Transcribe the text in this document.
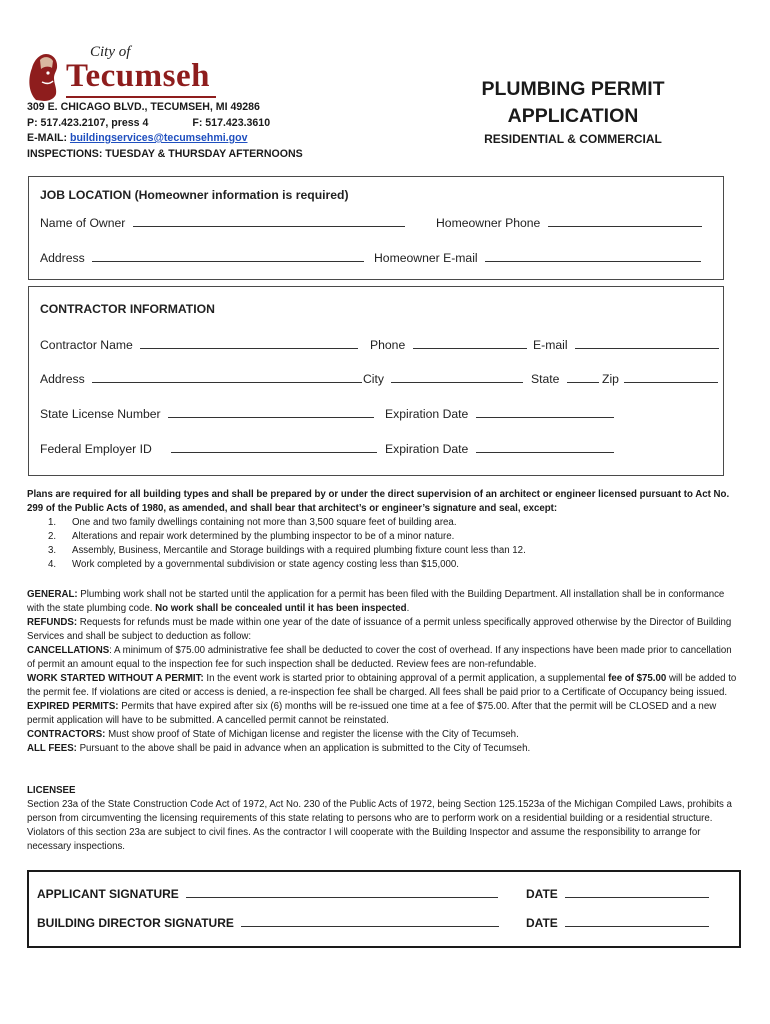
City of
Tecumseh
309 E. CHICAGO BLVD., TECUMSEH, MI 49286
P: 517.423.2107, press 4	F: 517.423.3610
E-MAIL: buildingservices@tecumsehmi.gov
INSPECTIONS: TUESDAY & THURSDAY AFTERNOONS
PLUMBING PERMIT
APPLICATION
RESIDENTIAL & COMMERCIAL
JOB LOCATION (Homeowner information is required)
Name of Owner	Homeowner Phone
Address	Homeowner E-mail
CONTRACTOR INFORMATION
Contractor Name	Phone	E-mail
Address	City	State	Zip
State License Number	Expiration Date
Federal Employer ID	Expiration Date
Plans are required for all building types and shall be prepared by or under the direct supervision of an architect or engineer licensed pursuant to Act No. 299 of the Public Acts of 1980, as amended, and shall bear that architect’s or engineer’s signature and seal, except:
1. One and two family dwellings containing not more than 3,500 square feet of building area.
2. Alterations and repair work determined by the plumbing inspector to be of a minor nature.
3. Assembly, Business, Mercantile and Storage buildings with a required plumbing fixture count less than 12.
4. Work completed by a governmental subdivision or state agency costing less than $15,000.
GENERAL: Plumbing work shall not be started until the application for a permit has been filed with the Building Department. All installation shall be in conformance with the state plumbing code. No work shall be concealed until it has been inspected.
REFUNDS: Requests for refunds must be made within one year of the date of issuance of a permit unless specifically approved otherwise by the Director of Building Services and shall be subject to deduction as follow:
CANCELLATIONS: A minimum of $75.00 administrative fee shall be deducted to cover the cost of overhead. If any inspections have been made prior to cancellation of permit an amount equal to the inspection fee for such inspection shall be deducted. Review fees are non-refundable.
WORK STARTED WITHOUT A PERMIT: In the event work is started prior to obtaining approval of a permit application, a supplemental fee of $75.00 will be added to the permit fee. If violations are cited or access is denied, a re-inspection fee shall be charged. All fees shall be paid prior to a Certificate of Occupancy being issued.
EXPIRED PERMITS: Permits that have expired after six (6) months will be re-issued one time at a fee of $75.00. After that the permit will be CLOSED and a new permit application will have to be submitted. A cancelled permit cannot be reinstated.
CONTRACTORS: Must show proof of State of Michigan license and register the license with the City of Tecumseh.
ALL FEES: Pursuant to the above shall be paid in advance when an application is submitted to the City of Tecumseh.
LICENSEE
Section 23a of the State Construction Code Act of 1972, Act No. 230 of the Public Acts of 1972, being Section 125.1523a of the Michigan Compiled Laws, prohibits a person from circumventing the licensing requirements of this state relating to persons who are to perform work on a residential building or a residential structure. Violators of this section 23a are subject to civil fines. As the contractor I will cooperate with the Building Inspector and assume the responsibility to arrange for necessary inspections.
APPLICANT SIGNATURE	DATE
BUILDING DIRECTOR SIGNATURE	DATE
